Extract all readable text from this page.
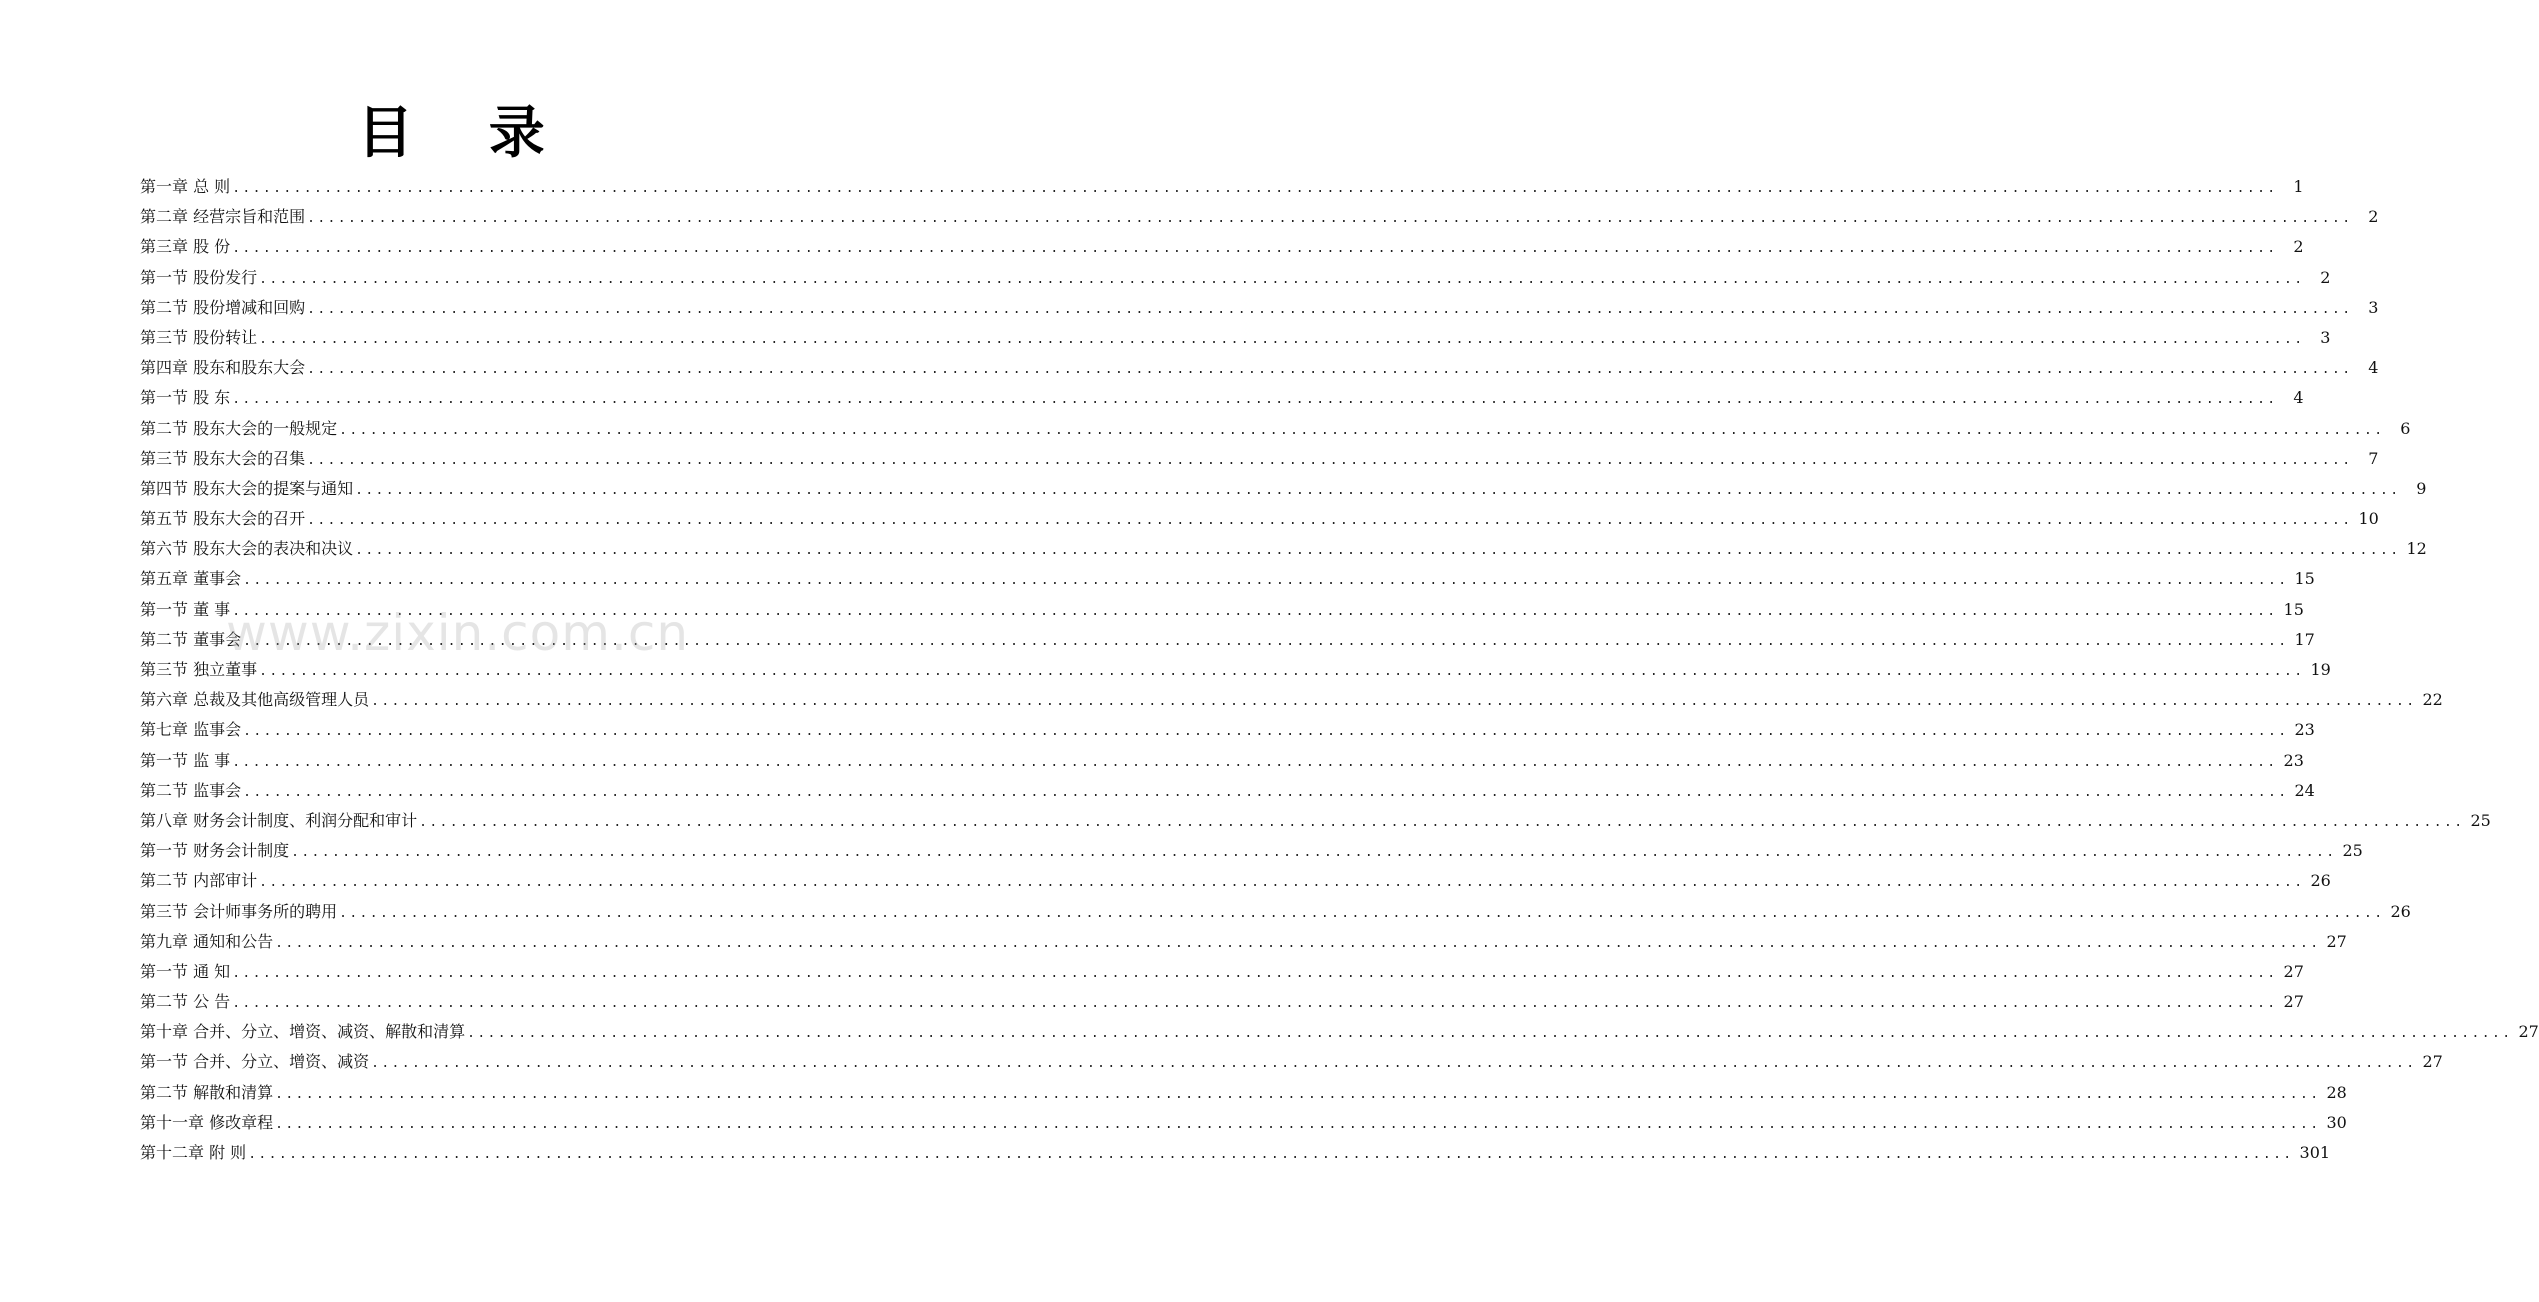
目 录
第一章 总 则 ........................................................................................................................................................................................................ 1
第二章 经营宗旨和范围 ........................................................................................................................................................................................................ 2
第三章 股 份 ........................................................................................................................................................................................................ 2
第一节 股份发行 ........................................................................................................................................................................................................ 2
第二节 股份增减和回购 ........................................................................................................................................................................................................ 3
第三节 股份转让 ........................................................................................................................................................................................................ 3
第四章 股东和股东大会 ........................................................................................................................................................................................................ 4
第一节 股 东 ........................................................................................................................................................................................................ 4
第二节 股东大会的一般规定 ........................................................................................................................................................................................................ 6
第三节 股东大会的召集 ........................................................................................................................................................................................................ 7
第四节 股东大会的提案与通知 ........................................................................................................................................................................................................ 9
第五节 股东大会的召开 ........................................................................................................................................................................................................ 10
第六节 股东大会的表决和决议 ........................................................................................................................................................................................................ 12
第五章 董事会 ........................................................................................................................................................................................................ 15
第一节 董 事 ........................................................................................................................................................................................................ 15
第二节 董事会 ........................................................................................................................................................................................................ 17
第三节 独立董事 ........................................................................................................................................................................................................ 19
第六章 总裁及其他高级管理人员 ........................................................................................................................................................................................................ 22
第七章 监事会 ........................................................................................................................................................................................................ 23
第一节 监 事 ........................................................................................................................................................................................................ 23
第二节 监事会 ........................................................................................................................................................................................................ 24
第八章 财务会计制度、利润分配和审计 ........................................................................................................................................................................................................ 25
第一节 财务会计制度 ........................................................................................................................................................................................................ 25
第二节 内部审计 ........................................................................................................................................................................................................ 26
第三节 会计师事务所的聘用 ........................................................................................................................................................................................................ 26
第九章 通知和公告 ........................................................................................................................................................................................................ 27
第一节 通 知 ........................................................................................................................................................................................................ 27
第二节 公 告 ........................................................................................................................................................................................................ 27
第十章 合并、分立、增资、减资、解散和清算 ........................................................................................................................................................................................................ 27
第一节 合并、分立、增资、减资 ........................................................................................................................................................................................................ 27
第二节 解散和清算 ........................................................................................................................................................................................................ 28
第十一章 修改章程 ........................................................................................................................................................................................................ 30
第十二章 附 则 ........................................................................................................................................................................................................ 301
www.zixin.com.cn
